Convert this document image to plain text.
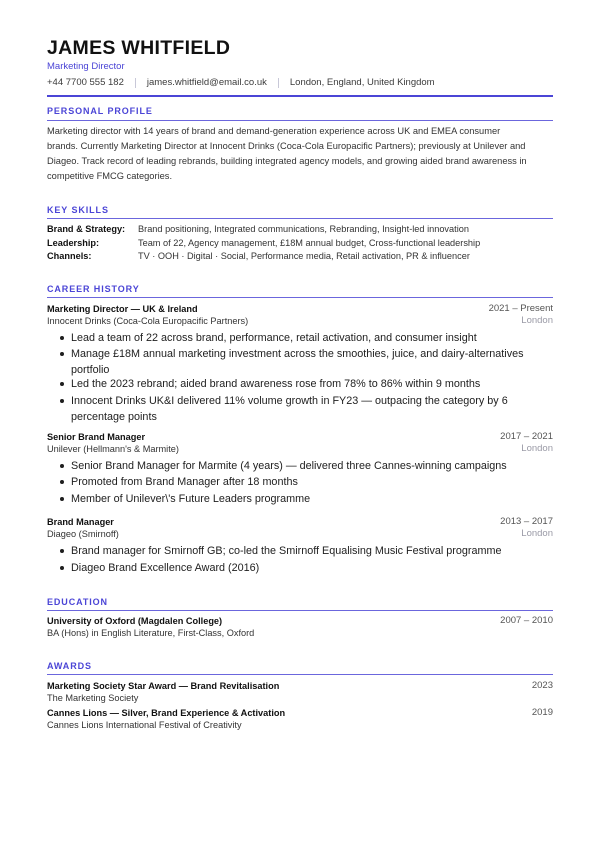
JAMES WHITFIELD
Marketing Director
+44 7700 555 182 james.whitfield@email.co.uk London, England, United Kingdom
PERSONAL PROFILE
Marketing director with 14 years of brand and demand-generation experience across UK and EMEA consumer
brands. Currently Marketing Director at Innocent Drinks (Coca-Cola Europacific Partners); previously at Unilever and
Diageo. Track record of leading rebrands, building integrated agency models, and growing aided brand awareness in
competitive FMCG categories.
KEY SKILLS
Brand & Strategy: Brand positioning, Integrated communications, Rebranding, Insight-led innovation
Leadership:	Team of 22, Agency management, £18M annual budget, Cross-functional leadership
Channels:	TV · OOH · Digital · Social, Performance media, Retail activation, PR & influencer
CAREER HISTORY
Marketing Director — UK & Ireland	2021 – Present
Innocent Drinks (Coca-Cola Europacific Partners)	London
Lead a team of 22 across brand, performance, retail activation, and consumer insight
Manage £18M annual marketing investment across the smoothies, juice, and dairy-alternatives
portfolio
Led the 2023 rebrand; aided brand awareness rose from 78% to 86% within 9 months
Innocent Drinks UK&I delivered 11% volume growth in FY23 — outpacing the category by 6
percentage points
Senior Brand Manager	2017 – 2021
Unilever (Hellmann's & Marmite)	London
Senior Brand Manager for Marmite (4 years) — delivered three Cannes-winning campaigns
Promoted from Brand Manager after 18 months
Member of Unilever\'s Future Leaders programme
Brand Manager	2013 – 2017
Diageo (Smirnoff)	London
Brand manager for Smirnoff GB; co-led the Smirnoff Equalising Music Festival programme
Diageo Brand Excellence Award (2016)
EDUCATION
University of Oxford (Magdalen College)	2007 – 2010
BA (Hons) in English Literature, First-Class, Oxford
AWARDS
Marketing Society Star Award — Brand Revitalisation	2023
The Marketing Society
Cannes Lions — Silver, Brand Experience & Activation	2019
Cannes Lions International Festival of Creativity
